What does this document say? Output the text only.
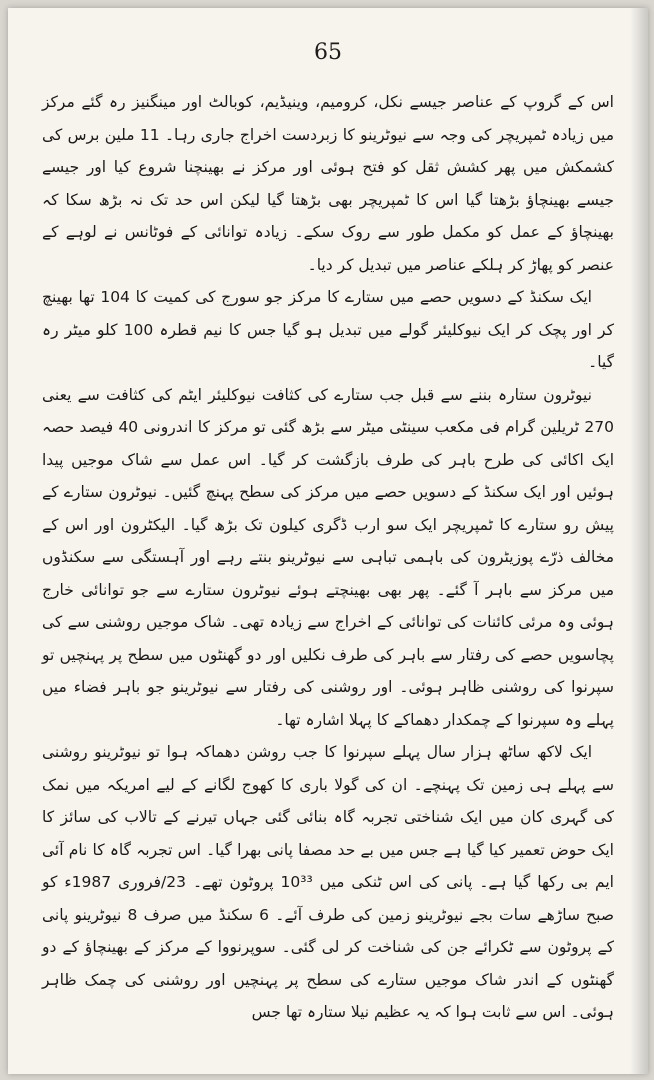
65

اس کے گروپ کے عناصر جیسے نکل، کرومیم، وینیڈیم، کوبالٹ اور مینگنیز رہ گئے مرکز میں زیادہ ٹمپریچر کی وجہ سے نیوٹرینو کا زبردست اخراج جاری رہا۔ 11 ملین برس کی کشمکش میں پھر کشش ثقل کو فتح ہوئی اور مرکز نے بھینچنا شروع کیا اور جیسے جیسے بھینچاؤ بڑھتا گیا اس کا ٹمپریچر بھی بڑھتا گیا لیکن اس حد تک نہ بڑھ سکا کہ بھینچاؤ کے عمل کو مکمل طور سے روک سکے۔ زیادہ توانائی کے فوٹانس نے لوہے کے عنصر کو پھاڑ کر ہلکے عناصر میں تبدیل کر دیا۔

ایک سکنڈ کے دسویں حصے میں ستارے کا مرکز جو سورج کی کمیت کا 104 تھا بھینچ کر اور پچک کر ایک نیوکلیئر گولے میں تبدیل ہو گیا جس کا نیم قطرہ 100 کلو میٹر رہ گیا۔

نیوٹرون ستارہ بننے سے قبل جب ستارے کی کثافت نیوکلیئر ایٹم کی کثافت سے یعنی 270 ٹریلین گرام فی مکعب سینٹی میٹر سے بڑھ گئی تو مرکز کا اندرونی 40 فیصد حصہ ایک اکائی کی طرح باہر کی طرف بازگشت کر گیا۔ اس عمل سے شاک موجیں پیدا ہوئیں اور ایک سکنڈ کے دسویں حصے میں مرکز کی سطح پہنچ گئیں۔ نیوٹرون ستارے کے پیش رو ستارے کا ٹمپریچر ایک سو ارب ڈگری کیلون تک بڑھ گیا۔ الیکٹرون اور اس کے مخالف ذرّے پوزیٹرون کی باہمی تباہی سے نیوٹرینو بنتے رہے اور آہستگی سے سکنڈوں میں مرکز سے باہر آ گئے۔ پھر بھی بھینچتے ہوئے نیوٹرون ستارے سے جو توانائی خارج ہوئی وہ مرئی کائنات کی توانائی کے اخراج سے زیادہ تھی۔ شاک موجیں روشنی سے کی پچاسویں حصے کی رفتار سے باہر کی طرف نکلیں اور دو گھنٹوں میں سطح پر پہنچیں تو سپرنوا کی روشنی ظاہر ہوئی۔ اور روشنی کی رفتار سے نیوٹرینو جو باہر فضاء میں پہلے وہ سپرنوا کے چمکدار دھماکے کا پہلا اشارہ تھا۔

ایک لاکھ ساٹھ ہزار سال پہلے سپرنوا کا جب روشن دھماکہ ہوا تو نیوٹرینو روشنی سے پہلے ہی زمین تک پہنچے۔ ان کی گولا باری کا کھوج لگانے کے لیے امریکہ میں نمک کی گہری کان میں ایک شناختی تجربہ گاہ بنائی گئی جہاں تیرنے کے تالاب کی سائز کا ایک حوض تعمیر کیا گیا ہے جس میں بے حد مصفا پانی بھرا گیا۔ اس تجربہ گاہ کا نام آئی ایم بی رکھا گیا ہے۔ پانی کی اس ٹنکی میں 10³³ پروٹون تھے۔ 23/فروری 1987ء کو صبح ساڑھے سات بجے نیوٹرینو زمین کی طرف آئے۔ 6 سکنڈ میں صرف 8 نیوٹرینو پانی کے پروٹون سے ٹکرائے جن کی شناخت کر لی گئی۔ سوپرنووا کے مرکز کے بھینچاؤ کے دو گھنٹوں کے اندر شاک موجیں ستارے کی سطح پر پہنچیں اور روشنی کی چمک ظاہر ہوئی۔ اس سے ثابت ہوا کہ یہ عظیم نیلا ستارہ تھا جس
